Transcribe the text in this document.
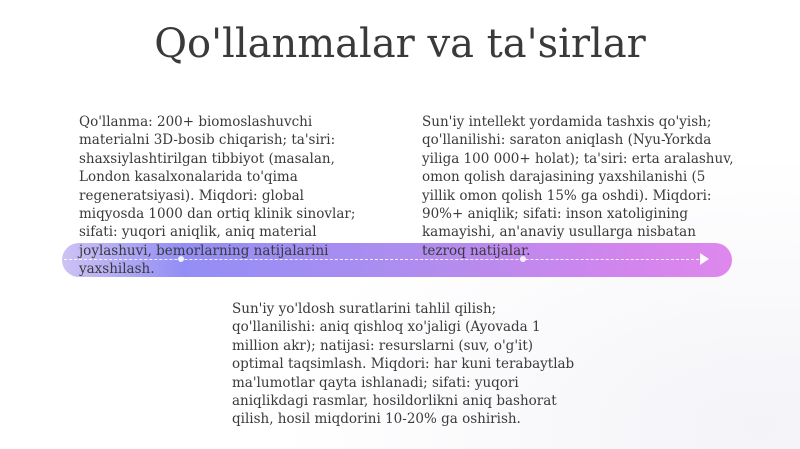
Qo'llanmalar va ta'sirlar
Qo'llanma: 200+ biomoslashuvchi
materialni 3D-bosib chiqarish; ta'siri:
shaxsiylashtirilgan tibbiyot (masalan,
London kasalxonalarida to'qima
regeneratsiyasi). Miqdori: global
miqyosda 1000 dan ortiq klinik sinovlar;
sifati: yuqori aniqlik, aniq material
joylashuvi, bemorlarning natijalarini
yaxshilash.
Sun'iy intellekt yordamida tashxis qo'yish;
qo'llanilishi: saraton aniqlash (Nyu-Yorkda
yiliga 100 000+ holat); ta'siri: erta aralashuv,
omon qolish darajasining yaxshilanishi (5
yillik omon qolish 15% ga oshdi). Miqdori:
90%+ aniqlik; sifati: inson xatoligining
kamayishi, an'anaviy usullarga nisbatan
tezroq natijalar.
Sun'iy yo'ldosh suratlarini tahlil qilish;
qo'llanilishi: aniq qishloq xo'jaligi (Ayovada 1
million akr); natijasi: resurslarni (suv, o'g'it)
optimal taqsimlash. Miqdori: har kuni terabaytlab
ma'lumotlar qayta ishlanadi; sifati: yuqori
aniqlikdagi rasmlar, hosildorlikni aniq bashorat
qilish, hosil miqdorini 10-20% ga oshirish.
